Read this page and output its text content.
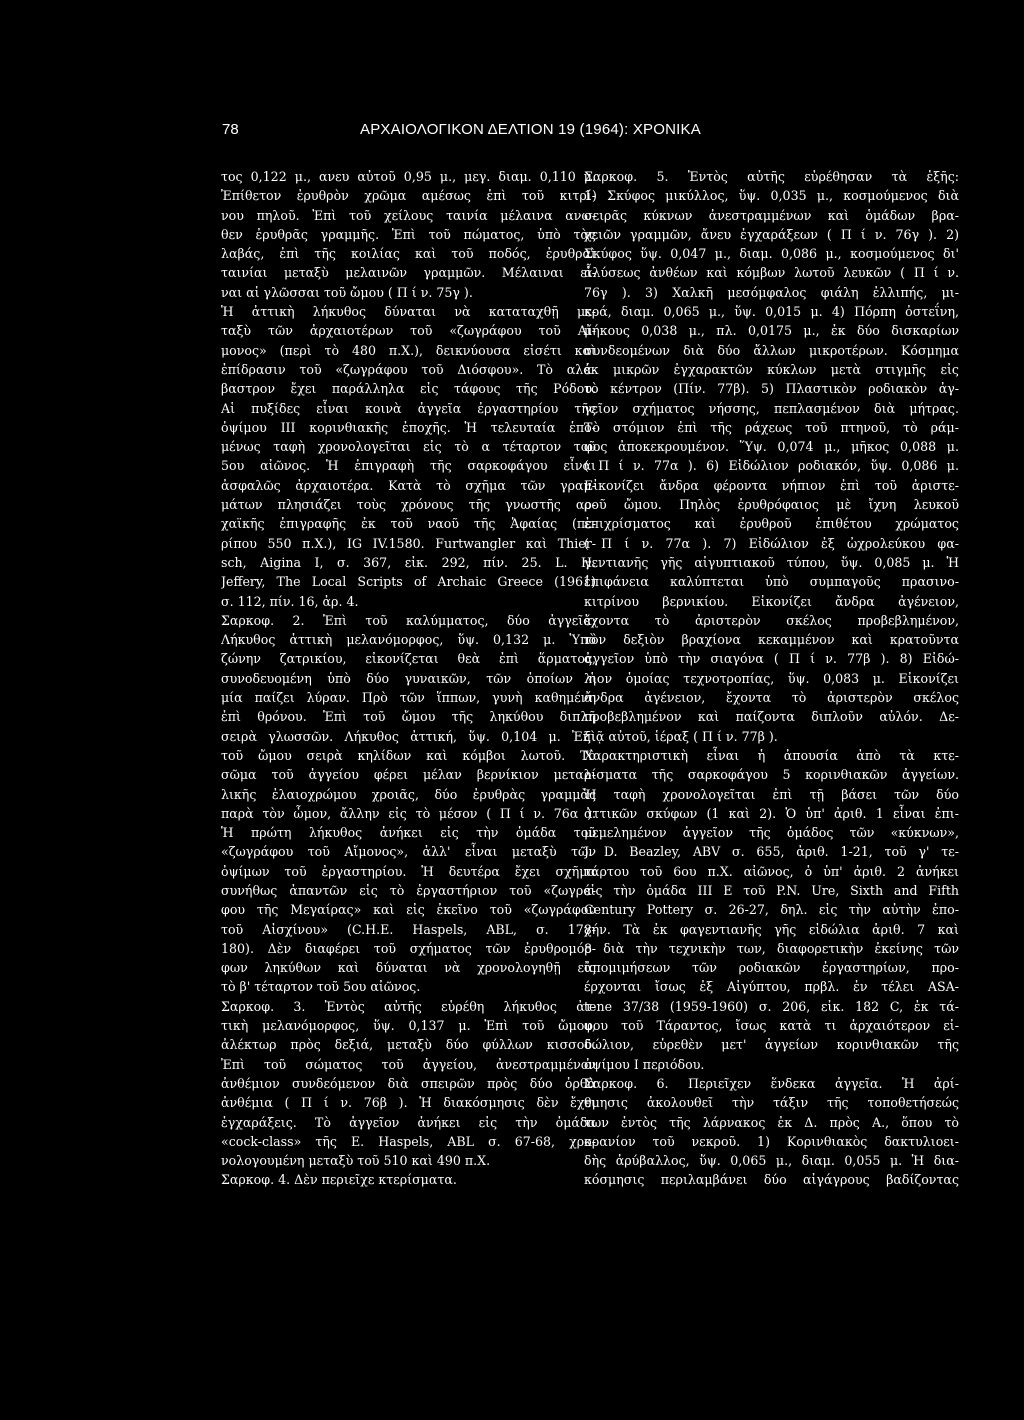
78	ΑΡΧΑΙΟΛΟΓΙΚΟΝ ΔΕΛΤΙΟΝ 19 (1964): ΧΡΟΝΙΚΑ
τος 0,122 μ., ανευ αὐτοῦ 0,95 μ., μεγ. διαμ. 0,110 μ.
Ἐπίθετον ἐρυθρὸν χρῶμα αμέσως ἐπὶ τοῦ κιτρί-
νου πηλοῦ. Ἐπὶ τοῦ χείλους ταινία μέλαινα ανω-
θεν ἐρυθρᾶς γραμμῆς. Ἐπὶ τοῦ πώματος, ὑπὸ τὰς
λαβάς, ἐπὶ τῆς κοιλίας καὶ τοῦ ποδός, ἐρυθραὶ
ταινίαι μεταξὺ μελαινῶν γραμμῶν. Μέλαιναι εἶ-
ναι αἱ γλῶσσαι τοῦ ὤμου ( Π ί ν. 75γ ).
Ἡ ἀττικὴ λήκυθος δύναται νὰ καταταχθῇ με-
ταξὺ τῶν ἀρχαιοτέρων τοῦ «ζωγράφου τοῦ Αἴ-
μονος» (περὶ τὸ 480 π.Χ.), δεικνύουσα εἰσέτι καὶ
ἐπίδρασιν τοῦ «ζωγράφου τοῦ Διόσφου». Τὸ αλά-
βαστρον ἔχει παράλληλα εἰς τάφους τῆς Ρόδου.
Αἱ πυξίδες εἶναι κοινὰ ἀγγεῖα ἐργαστηρίου τῆς
ὀψίμου III κορινθιακῆς ἐποχῆς. Ἡ τελευταία ἑπο-
μένως ταφὴ χρονολογεῖται εἰς τὸ α τέταρτον τοῦ
5ου αἰῶνος. Ἡ ἐπιγραφὴ τῆς σαρκοφάγου εἶναι
ἀσφαλῶς ἀρχαιοτέρα. Κατὰ τὸ σχῆμα τῶν γραμ-
μάτων πλησιάζει τοὺς χρόνους τῆς γνωστῆς αρ-
χαϊκῆς ἐπιγραφῆς ἐκ τοῦ ναοῦ τῆς Ἀφαίας (πε-
ρίπου 550 π.Χ.), IG IV.1580. Furtwangler καὶ Thier-
sch, Aigina I, σ. 367, εἰκ. 292, πίν. 25. L. H.
Jeffery, The Local Scripts of Archaic Greece (1961)
σ. 112, πίν. 16, ἀρ. 4.
Σαρκοφ. 2. Ἐπὶ τοῦ καλύμματος, δύο ἀγγεῖα:
Λήκυθος ἀττικὴ μελανόμορφος, ὕψ. 0,132 μ. Ὑπὸ
ζώνην ζατρικίου, εἰκονίζεται θεὰ ἐπὶ ἅρματος,
συνοδευομένη ὑπὸ δύο γυναικῶν, τῶν ὁποίων ἡ
μία παίζει λύραν. Πρὸ τῶν ἵππων, γυνὴ καθημένη
ἐπὶ θρόνου. Ἐπὶ τοῦ ὤμου τῆς ληκύθου διπλῆ
σειρὰ γλωσσῶν. Λήκυθος ἀττική, ὕψ. 0,104 μ. Ἐπὶ
τοῦ ὤμου σειρὰ κηλίδων καὶ κόμβοι λωτοῦ. Τὸ
σῶμα τοῦ ἀγγείου φέρει μέλαν βερνίκιον μεταλ-
λικῆς ἐλαιοχρώμου χροιᾶς, δύο ἐρυθρὰς γραμμὰς
παρὰ τὸν ὦμον, ἄλλην εἰς τὸ μέσον ( Π ί ν. 76α ).
Ἡ πρώτη λήκυθος ἀνήκει εἰς τὴν ὁμάδα τοῦ
«ζωγράφου τοῦ Αἴμονος», ἀλλ' εἶναι μεταξὺ τῶν
ὀψίμων τοῦ ἐργαστηρίου. Ἡ δευτέρα ἔχει σχῆμα
συνήθως ἀπαντῶν εἰς τὸ ἐργαστήριον τοῦ «ζωγρά-
φου τῆς Μεγαίρας» καὶ εἰς ἐκεῖνο τοῦ «ζωγράφου
τοῦ Αἰσχίνου» (C.H.E. Haspels, ABL, σ. 178-
180). Δὲν διαφέρει τοῦ σχήματος τῶν ἐρυθρομόρ-
φων ληκύθων καὶ δύναται νὰ χρονολογηθῇ εἰς
τὸ β' τέταρτον τοῦ 5ου αἰῶνος.
Σαρκοφ. 3. Ἐντὸς αὐτῆς εὑρέθη λήκυθος ἀτ-
τικὴ μελανόμορφος, ὕψ. 0,137 μ. Ἐπὶ τοῦ ὤμου,
ἀλέκτωρ πρὸς δεξιά, μεταξὺ δύο φύλλων κισσοῦ.
Ἐπὶ τοῦ σώματος τοῦ ἀγγείου, ἀνεστραμμένον
ἀνθέμιον συνδεόμενον διὰ σπειρῶν πρὸς δύο ὀρθὰ
ἀνθέμια ( Π ί ν. 76β ). Ἡ διακόσμησις δὲν ἔχει
ἐγχαράξεις. Τὸ ἀγγεῖον ἀνήκει εἰς τὴν ὁμάδα
«cock-class» τῆς E. Haspels, ABL σ. 67-68, χρο-
νολογουμένη μεταξὺ τοῦ 510 καὶ 490 π.Χ.
Σαρκοφ. 4. Δὲν περιεῖχε κτερίσματα.
Σαρκοφ. 5. Ἐντὸς αὐτῆς εὑρέθησαν τὰ ἑξῆς:
1) Σκύφος μικύλλος, ὕψ. 0,035 μ., κοσμούμενος διὰ
σειρᾶς κύκνων ἀνεστραμμένων καὶ ὁμάδων βρα-
χειῶν γραμμῶν, ἄνευ ἐγχαράξεων ( Π ί ν. 76γ ). 2)
Σκύφος ὕψ. 0,047 μ., διαμ. 0,086 μ., κοσμούμενος δι'
ἁλύσεως ἀνθέων καὶ κόμβων λωτοῦ λευκῶν ( Π ί ν.
76γ ). 3) Χαλκῆ μεσόμφαλος φιάλη ἐλλιπής, μι-
κρά, διαμ. 0,065 μ., ὕψ. 0,015 μ. 4) Πόρπη ὀστεΐνη,
μήκους 0,038 μ., πλ. 0,0175 μ., ἐκ δύο δισκαρίων
συνδεομένων διὰ δύο ἄλλων μικροτέρων. Κόσμημα
ἐκ μικρῶν ἐγχαρακτῶν κύκλων μετὰ στιγμῆς εἰς
τὸ κέντρον (Πίν. 77β). 5) Πλαστικὸν ροδιακὸν ἀγ-
γεῖον σχήματος νήσσης, πεπλασμένον διὰ μήτρας.
Τὸ στόμιον ἐπὶ τῆς ράχεως τοῦ πτηνοῦ, τὸ ράμ-
φος ἀποκεκρουμένον. Ὕψ. 0,074 μ., μῆκος 0,088 μ.
( Π ί ν. 77α ). 6) Εἰδώλιον ροδιακόν, ὕψ. 0,086 μ.
Εἰκονίζει ἄνδρα φέροντα νήπιον ἐπὶ τοῦ ἀριστε-
ροῦ ὤμου. Πηλὸς ἐρυθρόφαιος μὲ ἴχνη λευκοῦ
ἐπιχρίσματος καὶ ἐρυθροῦ ἐπιθέτου χρώματος
( Π ί ν. 77α ). 7) Εἰδώλιον ἐξ ὠχρολεύκου φα-
γεντιανῆς γῆς αἰγυπτιακοῦ τύπου, ὕψ. 0,085 μ. Ἡ
ἐπιφάνεια καλύπτεται ὑπὸ συμπαγοῦς πρασινο-
κιτρίνου βερνικίου. Εἰκονίζει ἄνδρα ἀγένειον,
ἔχοντα τὸ ἀριστερὸν σκέλος προβεβλημένον,
τὸν δεξιὸν βραχίονα κεκαμμένον καὶ κρατοῦντα
ἀγγεῖον ὑπὸ τὴν σιαγόνα ( Π ί ν. 77β ). 8) Εἰδώ-
λιον ὁμοίας τεχνοτροπίας, ὕψ. 0,083 μ. Εἰκονίζει
ἄνδρα ἀγένειον, ἔχοντα τὸ ἀριστερὸν σκέλος
προβεβλημένον καὶ παίζοντα διπλοῦν αὐλόν. Δε-
ξιᾷ αὐτοῦ, ἱέραξ ( Π ί ν. 77β ).
Χαρακτηριστικὴ εἶναι ἡ ἀπουσία ἀπὸ τὰ κτε-
ρίσματα τῆς σαρκοφάγου 5 κορινθιακῶν ἀγγείων.
Ἡ ταφὴ χρονολογεῖται ἐπὶ τῇ βάσει τῶν δύο
ἀττικῶν σκύφων (1 καὶ 2). Ὁ ὑπ' ἀριθ. 1 εἶναι ἐπι-
μεμελημένον ἀγγεῖον τῆς ὁμάδος τῶν «κύκνων»,
J. D. Beazley, ABV σ. 655, ἀριθ. 1-21, τοῦ γ' τε-
τάρτου τοῦ 6ου π.Χ. αἰῶνος, ὁ ὑπ' ἀριθ. 2 ἀνήκει
εἰς τὴν ὁμάδα III E τοῦ P.N. Ure, Sixth and Fifth
Century Pottery σ. 26-27, δηλ. εἰς τὴν αὐτὴν ἐπο-
χήν. Τὰ ἐκ φαγεντιανῆς γῆς εἰδώλια ἀριθ. 7 καὶ
8 διὰ τὴν τεχνικὴν των, διαφορετικὴν ἐκείνης τῶν
ἀπομιμήσεων τῶν ροδιακῶν ἐργαστηρίων, προ-
έρχονται ἴσως ἐξ Αἰγύπτου, πρβλ. ἐν τέλει ASA-
tene 37/38 (1959-1960) σ. 206, εἰκ. 182 C, ἐκ τά-
φου τοῦ Τάραντος, ἴσως κατὰ τι ἀρχαιότερον εἰ-
δώλιον, εὑρεθὲν μετ' ἀγγείων κορινθιακῶν τῆς
ὀψίμου I περιόδου.
Σαρκοφ. 6. Περιεῖχεν ἕνδεκα ἀγγεῖα. Ἡ ἀρί-
θμησις ἀκολουθεῖ τὴν τάξιν τῆς τοποθετήσεώς
των ἐντὸς τῆς λάρνακος ἐκ Δ. πρὸς Α., ὅπου τὸ
κρανίον τοῦ νεκροῦ. 1) Κορινθιακὸς δακτυλιοει-
δὴς ἀρύβαλλος, ὕψ. 0,065 μ., διαμ. 0,055 μ. Ἡ δια-
κόσμησις περιλαμβάνει δύο αἰγάγρους βαδίζοντας
